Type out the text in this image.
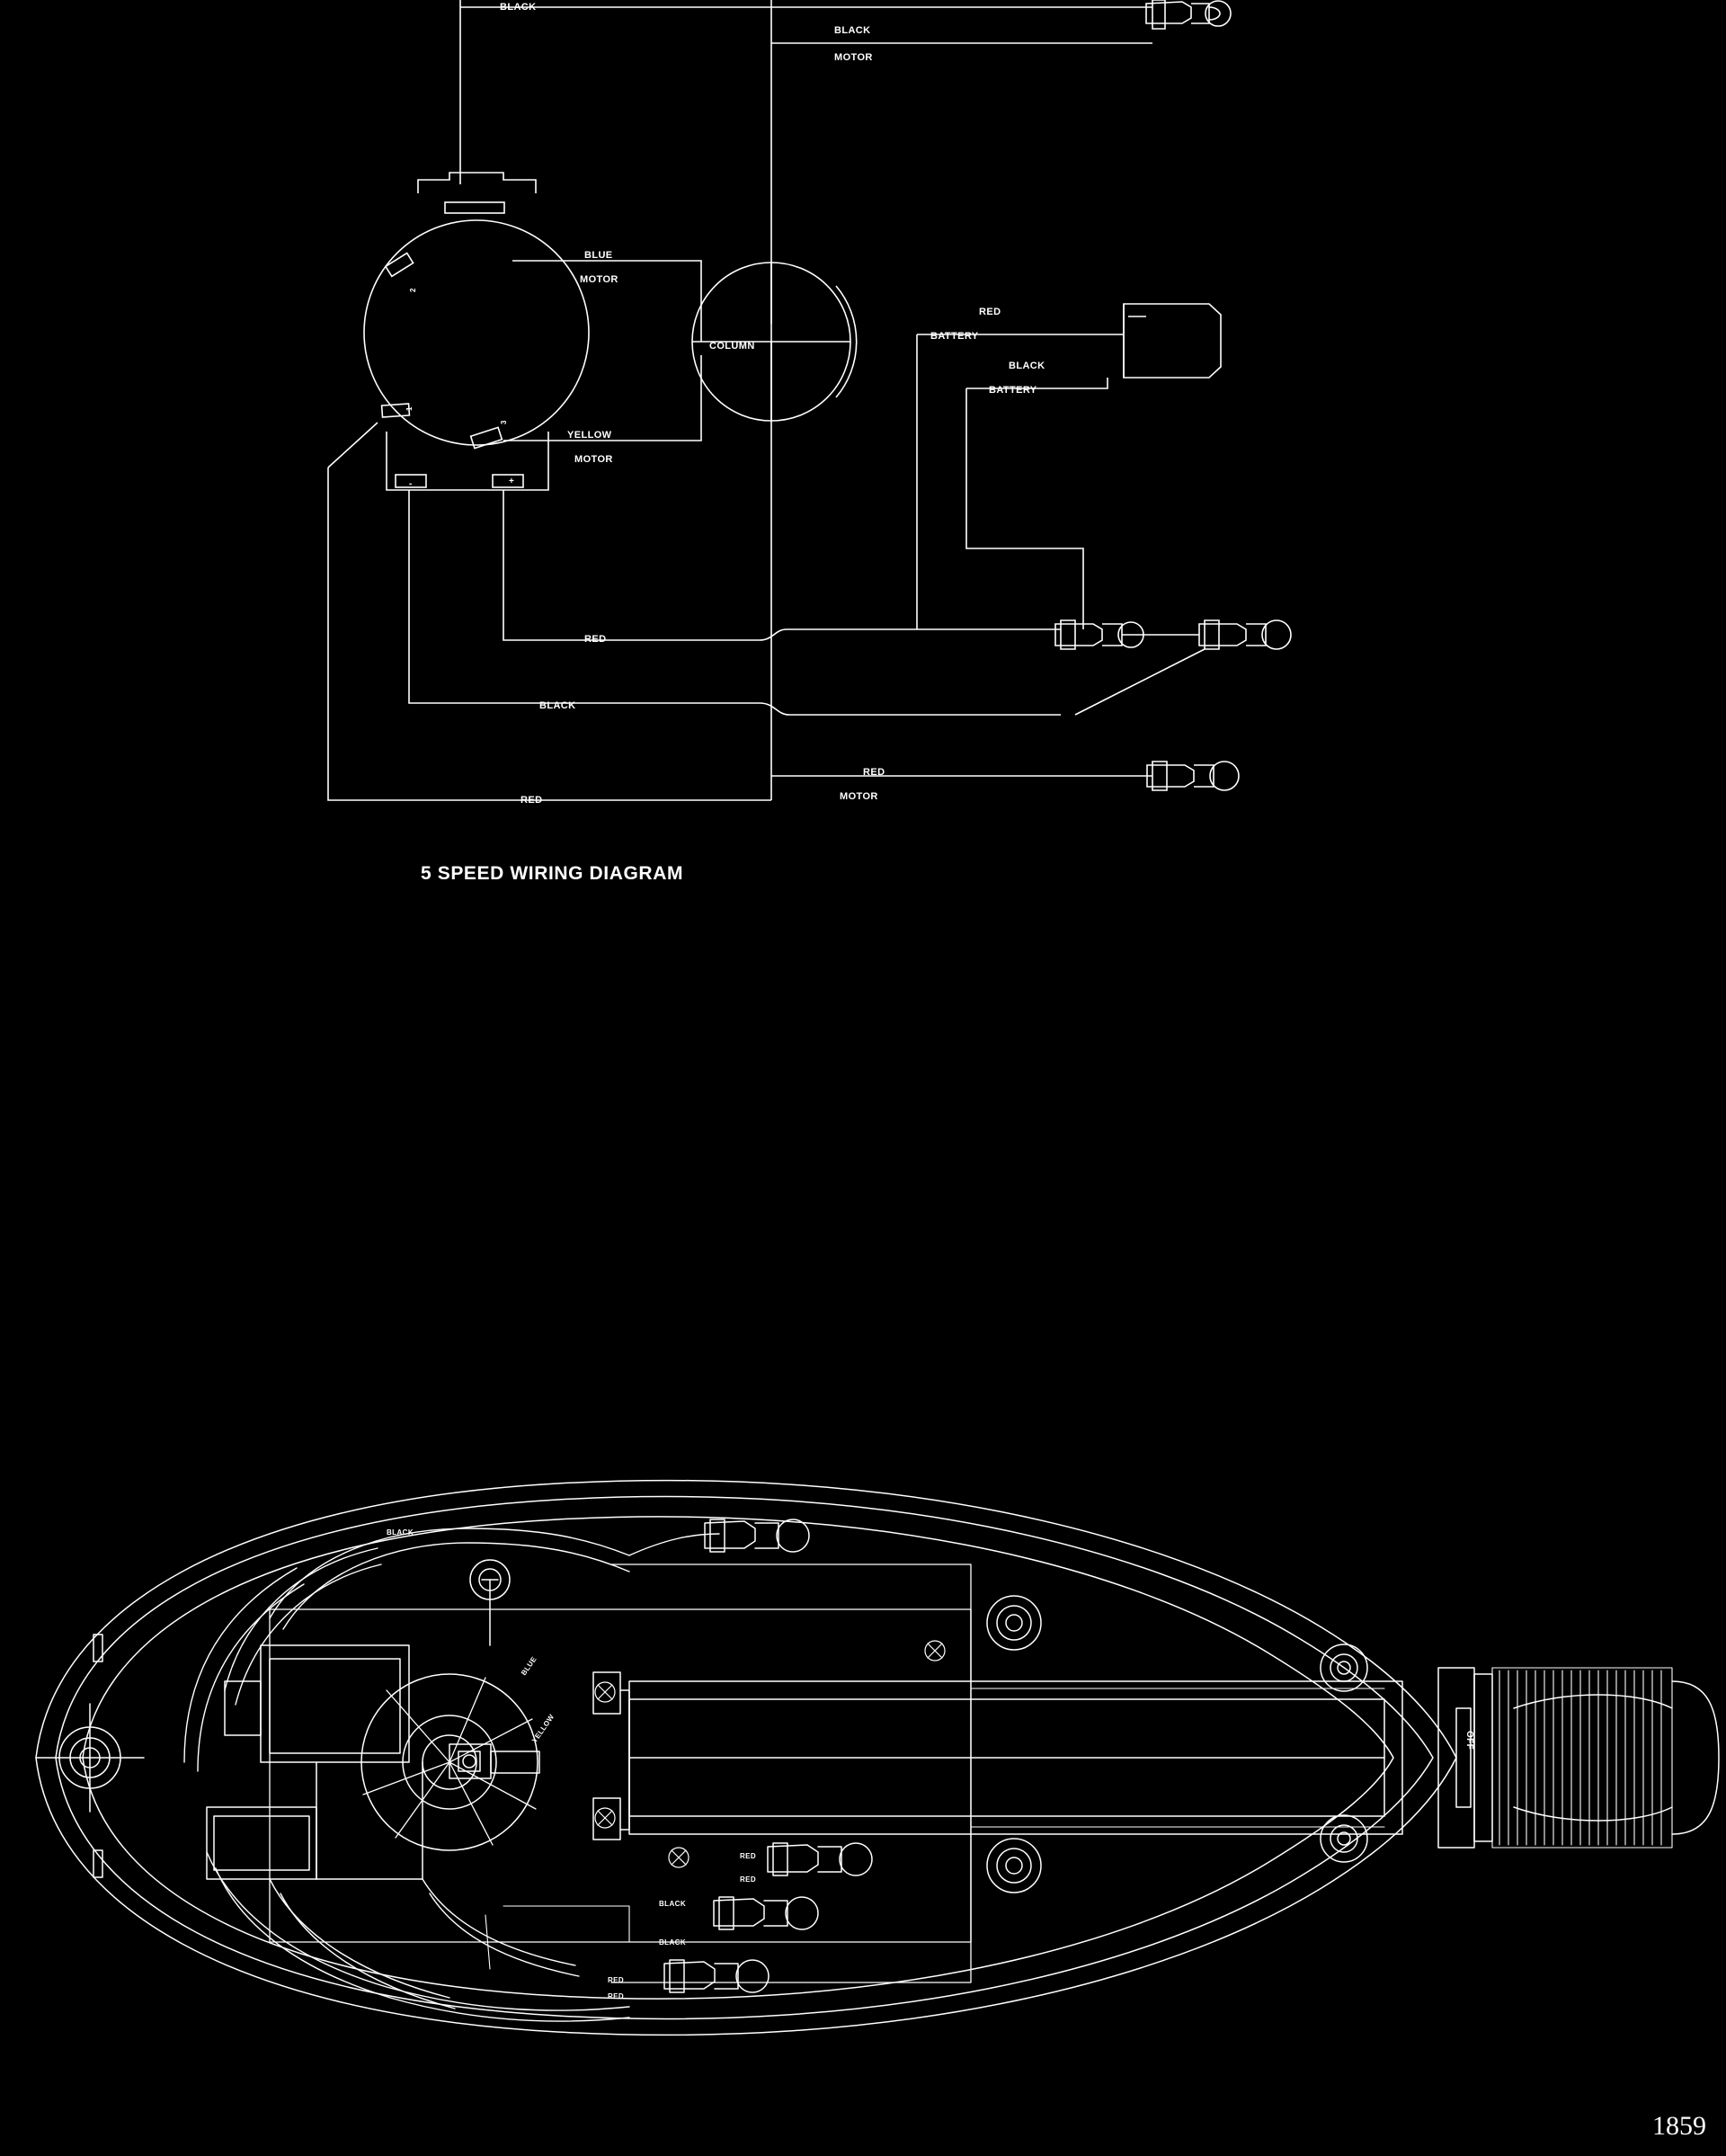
BLACK
BLACK
MOTOR
BLUE
MOTOR
COLUMN
YELLOW
MOTOR
RED
BATTERY
BLACK
BATTERY
RED
BLACK
RED
RED
MOTOR
2
1
3
-	+
5 SPEED WIRING DIAGRAM
BLACK
BLUE
YELLOW
RED
RED
BLACK
BLACK
RED
RED
OFF
1859
